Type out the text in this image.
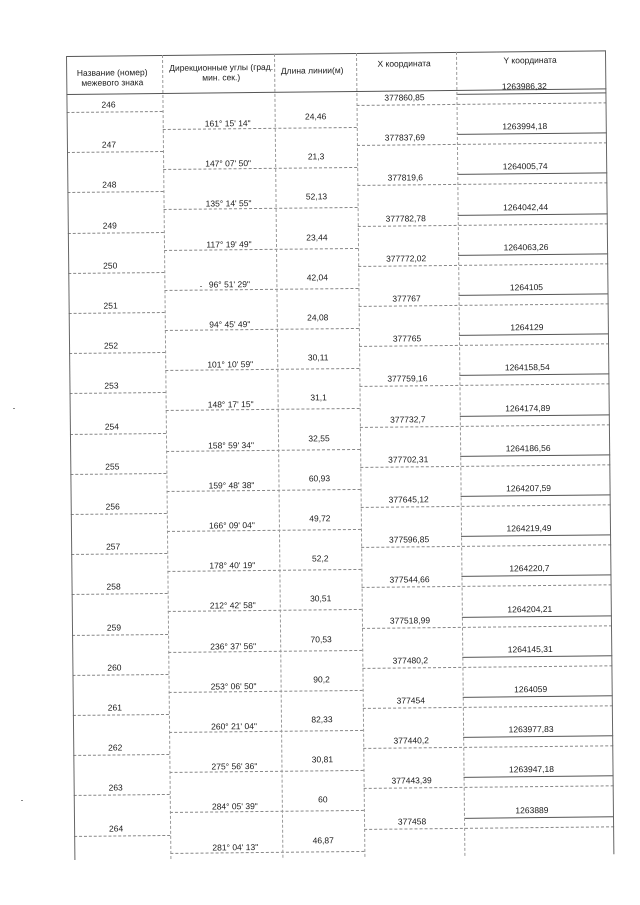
Название (номер) межевого знака
Дирекционные углы (град. мин. сек.)
Длина линии(м)
X координата	Y координата
246
377860,85
1263986,32
247
377837,69
1263994,18
248
377819,6
1264005,74
249
377782,78
1264042,44
250
377772,02
1264063,26
251
377767
1264105
252
377765
1264129
253
377759,16
1264158,54
254
377732,7
1264174,89
255
377702,31
1264186,56
256
377645,12
1264207,59
257
377596,85
1264219,49
258
377544,66
1264220,7
259
377518,99
1264204,21
260
377480,2
1264145,31
261
377454
1264059
262
377440,2
1263977,83
263
377443,39
1263947,18
264
377458
1263889
161° 15' 14"
24,46
147° 07' 50"
21,3
135° 14' 55"
52,13
117° 19' 49"
23,44
96° 51' 29"
42,04
94° 45' 49"
24,08
101° 10' 59"
30,11
148° 17' 15"
31,1
158° 59' 34"
32,55
159° 48' 38"
60,93
166° 09' 04"
49,72
178° 40' 19"
52,2
212° 42' 58"
30,51
236° 37' 56"
70,53
253° 06' 50"
90,2
260° 21' 04"
82,33
275° 56' 36"
30,81
284° 05' 39"
60
281° 04' 13"
46,87
